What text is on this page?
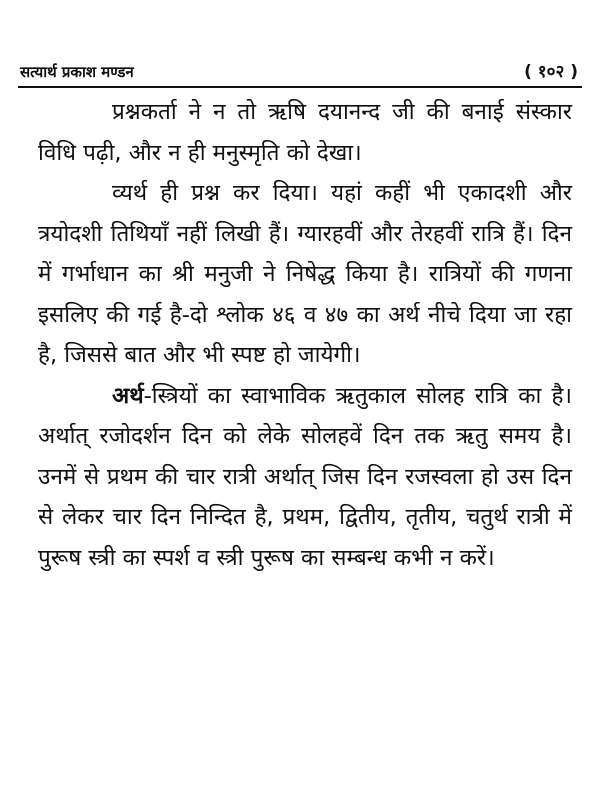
सत्यार्थ प्रकाश मण्डन	( १०२ )

प्रश्नकर्ता ने न तो ऋषि दयानन्द जी की बनाई संस्कार विधि पढ़ी, और न ही मनुस्मृति को देखा।

व्यर्थ ही प्रश्न कर दिया। यहां कहीं भी एकादशी और त्रयोदशी तिथियाँ नहीं लिखी हैं। ग्यारहवीं और तेरहवीं रात्रि हैं। दिन में गर्भाधान का श्री मनुजी ने निषेद्ध किया है। रात्रियों की गणना इसलिए की गई है-दो श्लोक ४६ व ४७ का अर्थ नीचे दिया जा रहा है, जिससे बात और भी स्पष्ट हो जायेगी।

अर्थ-स्त्रियों का स्वाभाविक ऋतुकाल सोलह रात्रि का है। अर्थात् रजोदर्शन दिन को लेके सोलहवें दिन तक ऋतु समय है। उनमें से प्रथम की चार रात्री अर्थात् जिस दिन रजस्वला हो उस दिन से लेकर चार दिन निन्दित है, प्रथम, द्वितीय, तृतीय, चतुर्थ रात्री में पुरूष स्त्री का स्पर्श व स्त्री पुरूष का सम्बन्ध कभी न करें।
